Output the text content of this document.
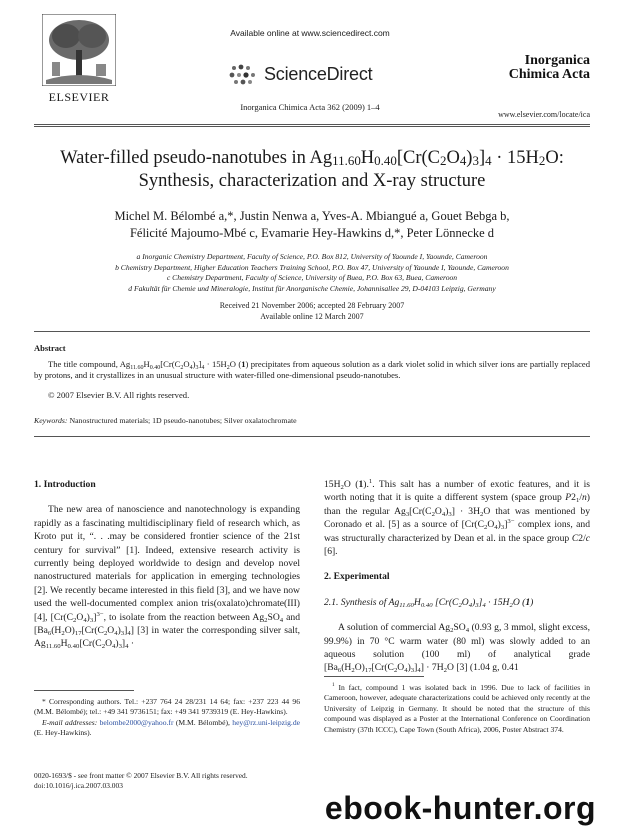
ELSEVIER
Available online at www.sciencedirect.com
ScienceDirect
Inorganica Chimica Acta 362 (2009) 1–4
Inorganica
Chimica Acta
www.elsevier.com/locate/ica
Water-filled pseudo-nanotubes in $Ag_{11.60}H_{0.40}[Cr(C_2O_4)_3]_4 \cdot 15H_2O$:
Synthesis, characterization and X-ray structure
Michel M. Bélombé a,*, Justin Nenwa a, Yves-A. Mbiangué a, Gouet Bebga b,
Félicité Majoumo-Mbé c, Evamarie Hey-Hawkins d,*, Peter Lönnecke d
a Inorganic Chemistry Department, Faculty of Science, P.O. Box 812, University of Yaounde I, Yaounde, Cameroon
b Chemistry Department, Higher Education Teachers Training School, P.O. Box 47, University of Yaounde I, Yaounde, Cameroon
c Chemistry Department, Faculty of Science, University of Buea, P.O. Box 63, Buea, Cameroon
d Fakultät für Chemie und Mineralogie, Institut für Anorganische Chemie, Johannisallee 29, D-04103 Leipzig, Germany
Received 21 November 2006; accepted 28 February 2007
Available online 12 March 2007
Abstract
The title compound, $Ag_{11.60}H_{0.40}[Cr(C_2O_4)_3]_4 \cdot 15H_2O$ (1) precipitates from aqueous solution as a dark violet solid in which silver ions are partially replaced by protons, and it crystallizes in an unusual structure with water-filled one-dimensional pseudo-nanotubes.
© 2007 Elsevier B.V. All rights reserved.
Keywords: Nanostructured materials; 1D pseudo-nanotubes; Silver oxalatochromate
1. Introduction
The new area of nanoscience and nanotechnology is expanding rapidly as a fascinating multidisciplinary field of research which, as Kroto put it, “. . .may be considered frontier science of the 21st century for survival” [1]. Indeed, extensive research activity is currently being deployed worldwide to design and develop novel nanostructured materials for application in emerging technologies [2]. We recently became interested in this field [3], and we have now used the well-documented complex anion tris(oxalato)chromate(III) [4], $[Cr(C_2O_4)_3]^{3-}$, to isolate from the reaction between $Ag_2SO_4$ and $[Ba_6(H_2O)_{17}[Cr(C_2O_4)_3]_4]$ [3] in water the corresponding silver salt, $Ag_{11.60}H_{0.40}[Cr(C_2O_4)_3]_4$ ·
* Corresponding authors. Tel.: +237 764 24 28/231 14 64; fax: +237 223 44 96 (M.M. Bélombé); tel.: +49 341 9736151; fax: +49 341 9739319 (E. Hey-Hawkins).
E-mail addresses: belombe2000@yahoo.fr (M.M. Bélombé), hey@rz.uni-leipzig.de (E. Hey-Hawkins).
$15H_2O$ (1).$^1$. This salt has a number of exotic features, and it is worth noting that it is quite a different system (space group $P2_1/n$) than the regular $Ag_3[Cr(C_2O_4)_3] \cdot 3H_2O$ that was mentioned by Coronado et al. [5] as a source of $[Cr(C_2O_4)_3]^{3-}$ complex ions, and was structurally characterized by Dean et al. in the space group C2/c [6].
2. Experimental
2.1. Synthesis of $Ag_{11.60}H_{0.40}$ $[Cr(C_2O_4)_3]_4 \cdot 15H_2O$ (1)
A solution of commercial $Ag_2SO_4$ (0.93 g, 3 mmol, slight excess, 99.9%) in 70 °C warm water (80 ml) was slowly added to an aqueous solution (100 ml) of analytical grade $[Ba_6(H_2O)_{17}[Cr(C_2O_4)_3]_4] \cdot 7H_2O$ [3] (1.04 g, 0.41
$^1$ In fact, compound 1 was isolated back in 1996. Due to lack of facilities in Cameroon, however, adequate characterizations could be achieved only recently at the University of Leipzig in Germany. It should be noted that the structure of this compound was displayed as a Poster at the International Conference on Coordination Chemistry (37th ICCC), Cape Town (South Africa), 2006, Poster Abstract 374.
0020-1693/$ - see front matter © 2007 Elsevier B.V. All rights reserved.
doi:10.1016/j.ica.2007.03.003
ebook-hunter.org
